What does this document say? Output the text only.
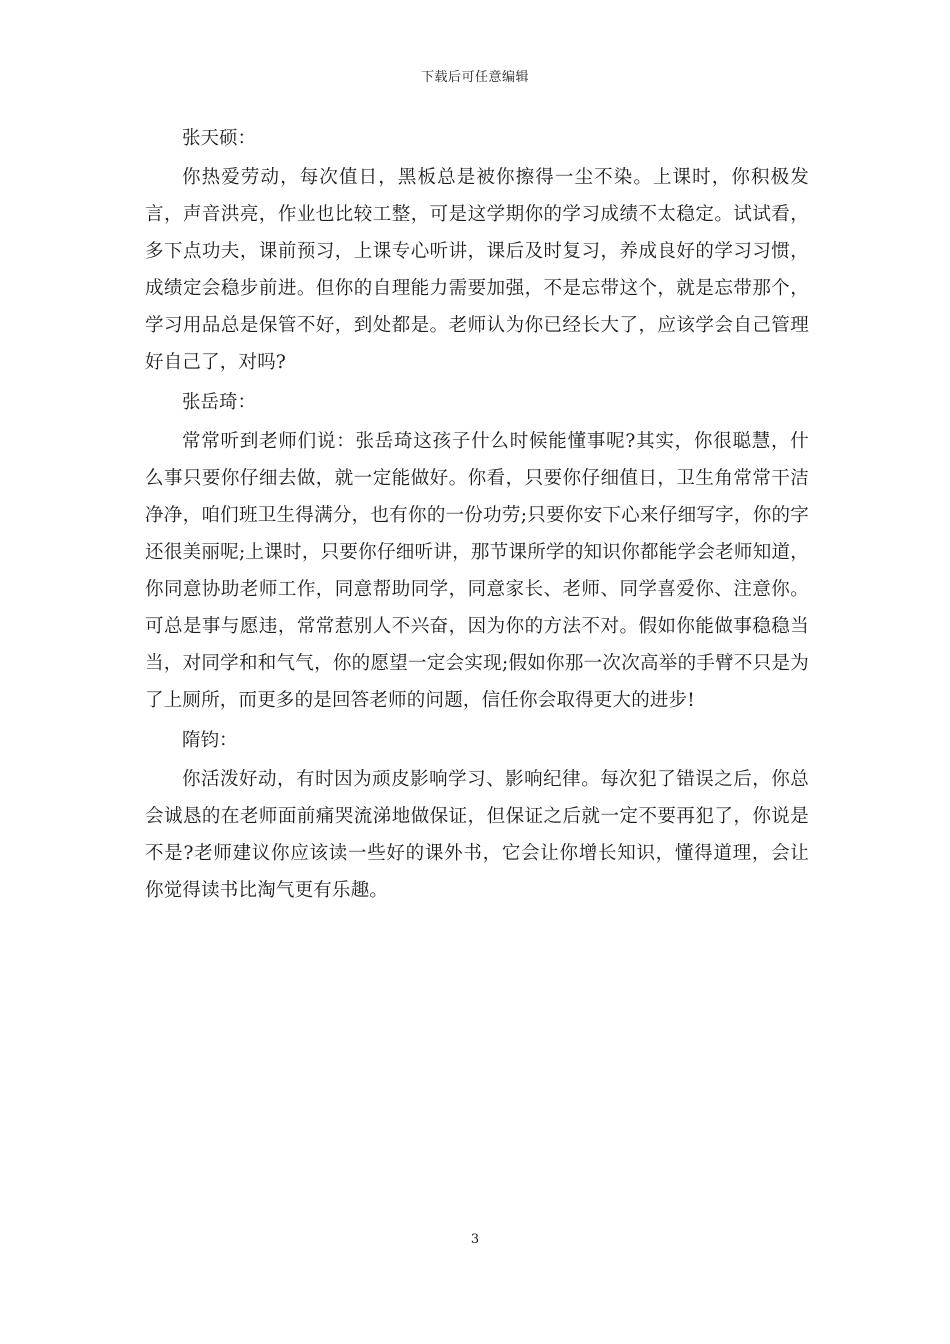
下载后可任意编辑

张天硕：

你热爱劳动，每次值日，黑板总是被你擦得一尘不染。上课时，你积极发言，声音洪亮，作业也比较工整，可是这学期你的学习成绩不太稳定。试试看，多下点功夫，课前预习，上课专心听讲，课后及时复习，养成良好的学习习惯，成绩定会稳步前进。但你的自理能力需要加强，不是忘带这个，就是忘带那个，学习用品总是保管不好，到处都是。老师认为你已经长大了，应该学会自己管理好自己了，对吗?

张岳琦：

常常听到老师们说：张岳琦这孩子什么时候能懂事呢?其实，你很聪慧，什么事只要你仔细去做，就一定能做好。你看，只要你仔细值日，卫生角常常干洁净净，咱们班卫生得满分，也有你的一份功劳;只要你安下心来仔细写字，你的字还很美丽呢;上课时，只要你仔细听讲，那节课所学的知识你都能学会老师知道，你同意协助老师工作，同意帮助同学，同意家长、老师、同学喜爱你、注意你。可总是事与愿违，常常惹别人不兴奋，因为你的方法不对。假如你能做事稳稳当当，对同学和和气气，你的愿望一定会实现;假如你那一次次高举的手臂不只是为了上厕所，而更多的是回答老师的问题，信任你会取得更大的进步!

隋钧：

你活泼好动，有时因为顽皮影响学习、影响纪律。每次犯了错误之后，你总会诚恳的在老师面前痛哭流涕地做保证，但保证之后就一定不要再犯了，你说是不是?老师建议你应该读一些好的课外书，它会让你增长知识，懂得道理，会让你觉得读书比淘气更有乐趣。

3
